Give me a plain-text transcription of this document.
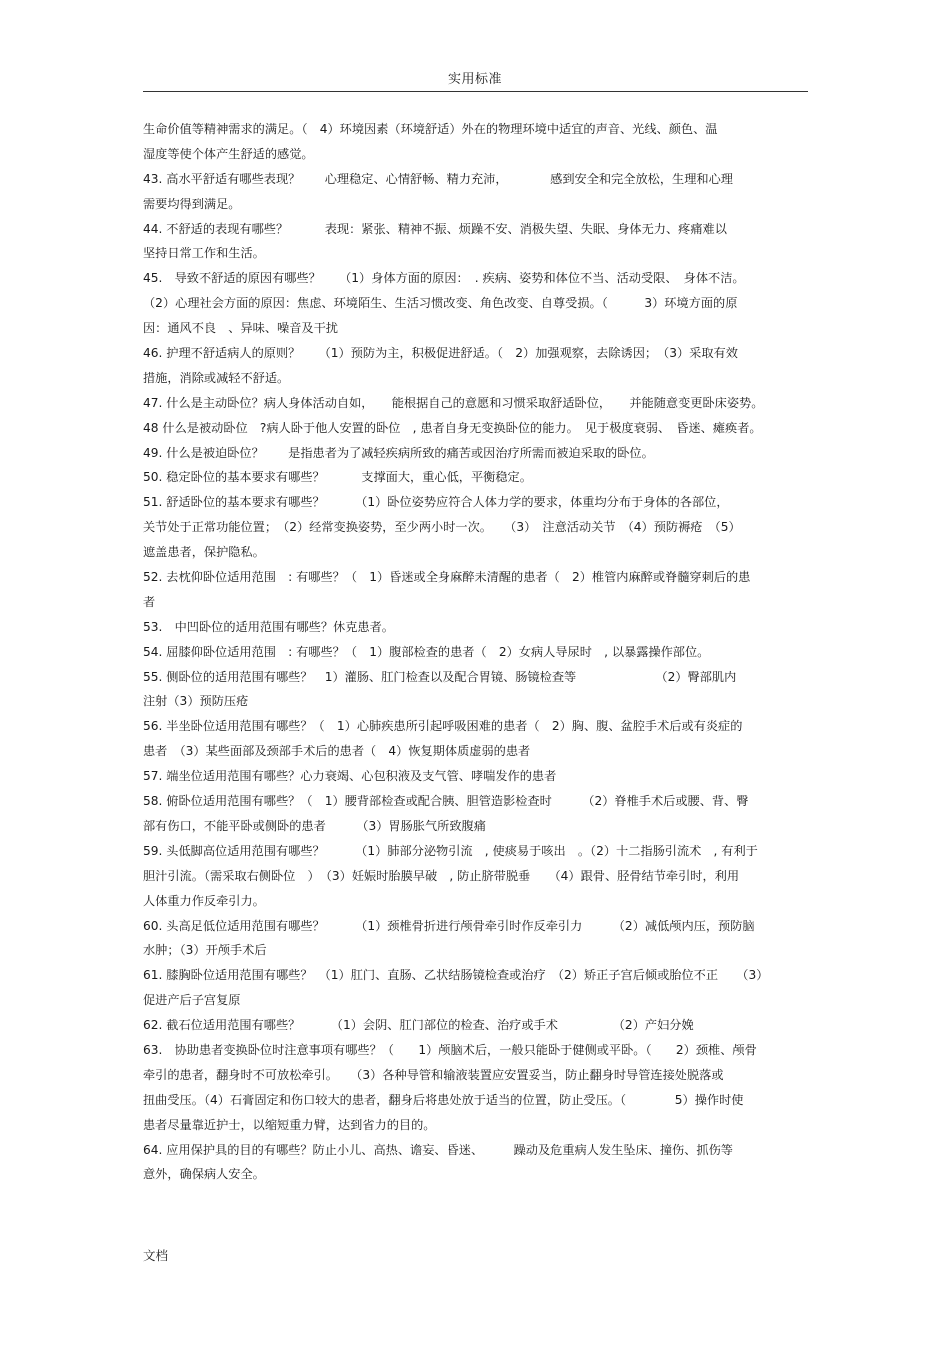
实用标准
生命价值等精神需求的满足。（　4）环境因素（环境舒适）外在的物理环境中适宜的声音、光线、颜色、温
湿度等使个体产生舒适的感觉。
43. 高水平舒适有哪些表现？　　心理稳定、心情舒畅、精力充沛，　　　　感到安全和完全放松，生理和心理
需要均得到满足。
44. 不舒适的表现有哪些？　　　表现：紧张、精神不振、烦躁不安、消极失望、失眠、身体无力、疼痛难以
坚持日常工作和生活。
45.　导致不舒适的原因有哪些？　　（1）身体方面的原因：　. 疾病、姿势和体位不当、活动受限、　身体不洁。
（2）心理社会方面的原因：焦虑、环境陌生、生活习惯改变、角色改变、自尊受损。（　　　3）环境方面的原
因：通风不良　、异味、噪音及干扰
46. 护理不舒适病人的原则？　　（1）预防为主，积极促进舒适。（　2）加强观察，去除诱因；　（3）采取有效
措施，消除或减轻不舒适。
47. 什么是主动卧位？病人身体活动自如，　　能根据自己的意愿和习惯采取舒适卧位，　　并能随意变更卧床姿势。
48 什么是被动卧位　?病人卧于他人安置的卧位　, 患者自身无变换卧位的能力。　见于极度衰弱、　昏迷、瘫痪者。
49. 什么是被迫卧位？　　是指患者为了减轻疾病所致的痛苦或因治疗所需而被迫采取的卧位。
50. 稳定卧位的基本要求有哪些？　　　支撑面大，重心低，平衡稳定。
51. 舒适卧位的基本要求有哪些？　　　（1）卧位姿势应符合人体力学的要求，体重均分布于身体的各部位，
关节处于正常功能位置；　（2）经常变换姿势，至少两小时一次。　　（3）　注意活动关节　（4）预防褥疮　（5）
遮盖患者，保护隐私。
52. 去枕仰卧位适用范围　: 有哪些？（　1）昏迷或全身麻醉未清醒的患者（　2）椎管内麻醉或脊髓穿刺后的患
者
53.　中凹卧位的适用范围有哪些？休克患者。
54. 屈膝仰卧位适用范围　: 有哪些？（　1）腹部检查的患者（　2）女病人导尿时　, 以暴露操作部位。
55. 侧卧位的适用范围有哪些？　1）灌肠、肛门检查以及配合胃镜、肠镜检查等　　　　　　　（2）臀部肌内
注射（3）预防压疮
56. 半坐卧位适用范围有哪些？（　1）心肺疾患所引起呼吸困难的患者（　2）胸、腹、盆腔手术后或有炎症的
患者　（3）某些面部及颈部手术后的患者（　4）恢复期体质虚弱的患者
57. 端坐位适用范围有哪些？心力衰竭、心包积液及支气管、哮喘发作的患者
58. 俯卧位适用范围有哪些？（　1）腰背部检查或配合胰、胆管造影检查时　　　（2）脊椎手术后或腰、背、臀
部有伤口，不能平卧或侧卧的患者　　　（3）胃肠胀气所致腹痛
59. 头低脚高位适用范围有哪些？　　　（1）肺部分泌物引流　, 使痰易于咳出　。（2）十二指肠引流术　, 有利于
胆汁引流。（需采取右侧卧位　）　（3）妊娠时胎膜早破　, 防止脐带脱垂　　（4）跟骨、胫骨结节牵引时，利用
人体重力作反牵引力。
60. 头高足低位适用范围有哪些？　　　（1）颈椎骨折进行颅骨牵引时作反牵引力　　　（2）减低颅内压，预防脑
水肿；（3）开颅手术后
61. 膝胸卧位适用范围有哪些？　（1）肛门、直肠、乙状结肠镜检查或治疗　（2）矫正子宫后倾或胎位不正　　（3）
促进产后子宫复原
62. 截石位适用范围有哪些？　　　（1）会阴、肛门部位的检查、治疗或手术　　　　　（2）产妇分娩
63.　协助患者变换卧位时注意事项有哪些？（　　1）颅脑术后，一般只能卧于健侧或平卧。（　　2）颈椎、颅骨
牵引的患者，翻身时不可放松牵引。　　（3）各种导管和输液装置应安置妥当，防止翻身时导管连接处脱落或
扭曲受压。（4）石膏固定和伤口较大的患者，翻身后将患处放于适当的位置，防止受压。（　　　　5）操作时使
患者尽量靠近护士，以缩短重力臂，达到省力的目的。
64. 应用保护具的目的有哪些？防止小儿、高热、谵妄、昏迷、　　　躁动及危重病人发生坠床、撞伤、抓伤等
意外，确保病人安全。
文档
